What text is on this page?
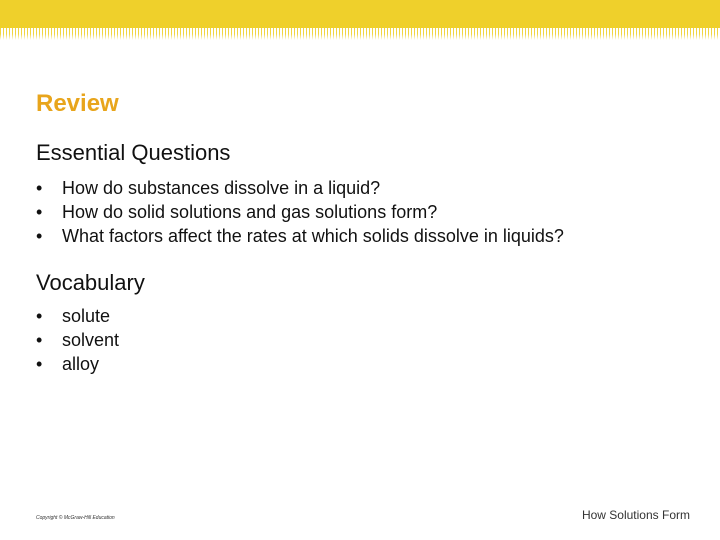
Review
Essential Questions
• How do substances dissolve in a liquid?
• How do solid solutions and gas solutions form?
• What factors affect the rates at which solids dissolve in liquids?
Vocabulary
• solute
• solvent
• alloy
Copyright © McGraw-Hill Education	How Solutions Form
